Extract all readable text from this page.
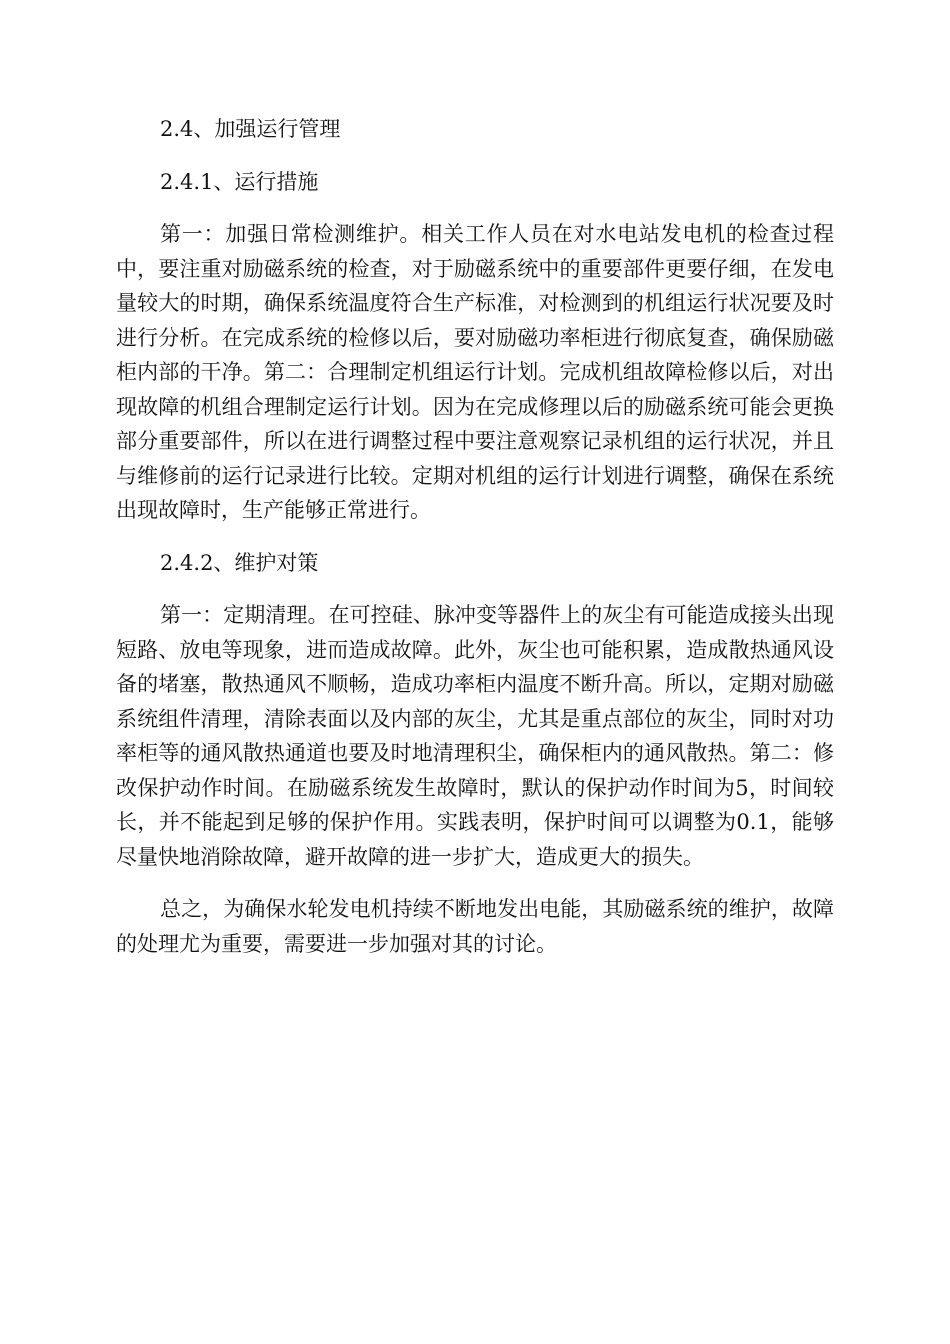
2.4、加强运行管理

2.4.1、运行措施

第一：加强日常检测维护。相关工作人员在对水电站发电机的检查过程中，要注重对励磁系统的检查，对于励磁系统中的重要部件更要仔细，在发电量较大的时期，确保系统温度符合生产标准，对检测到的机组运行状况要及时进行分析。在完成系统的检修以后，要对励磁功率柜进行彻底复查，确保励磁柜内部的干净。第二：合理制定机组运行计划。完成机组故障检修以后，对出现故障的机组合理制定运行计划。因为在完成修理以后的励磁系统可能会更换部分重要部件，所以在进行调整过程中要注意观察记录机组的运行状况，并且与维修前的运行记录进行比较。定期对机组的运行计划进行调整，确保在系统出现故障时，生产能够正常进行。

2.4.2、维护对策

第一：定期清理。在可控硅、脉冲变等器件上的灰尘有可能造成接头出现短路、放电等现象，进而造成故障。此外，灰尘也可能积累，造成散热通风设备的堵塞，散热通风不顺畅，造成功率柜内温度不断升高。所以，定期对励磁系统组件清理，清除表面以及内部的灰尘，尤其是重点部位的灰尘，同时对功率柜等的通风散热通道也要及时地清理积尘，确保柜内的通风散热。第二：修改保护动作时间。在励磁系统发生故障时，默认的保护动作时间为5，时间较长，并不能起到足够的保护作用。实践表明，保护时间可以调整为0.1，能够尽量快地消除故障，避开故障的进一步扩大，造成更大的损失。

总之，为确保水轮发电机持续不断地发出电能，其励磁系统的维护，故障的处理尤为重要，需要进一步加强对其的讨论。
